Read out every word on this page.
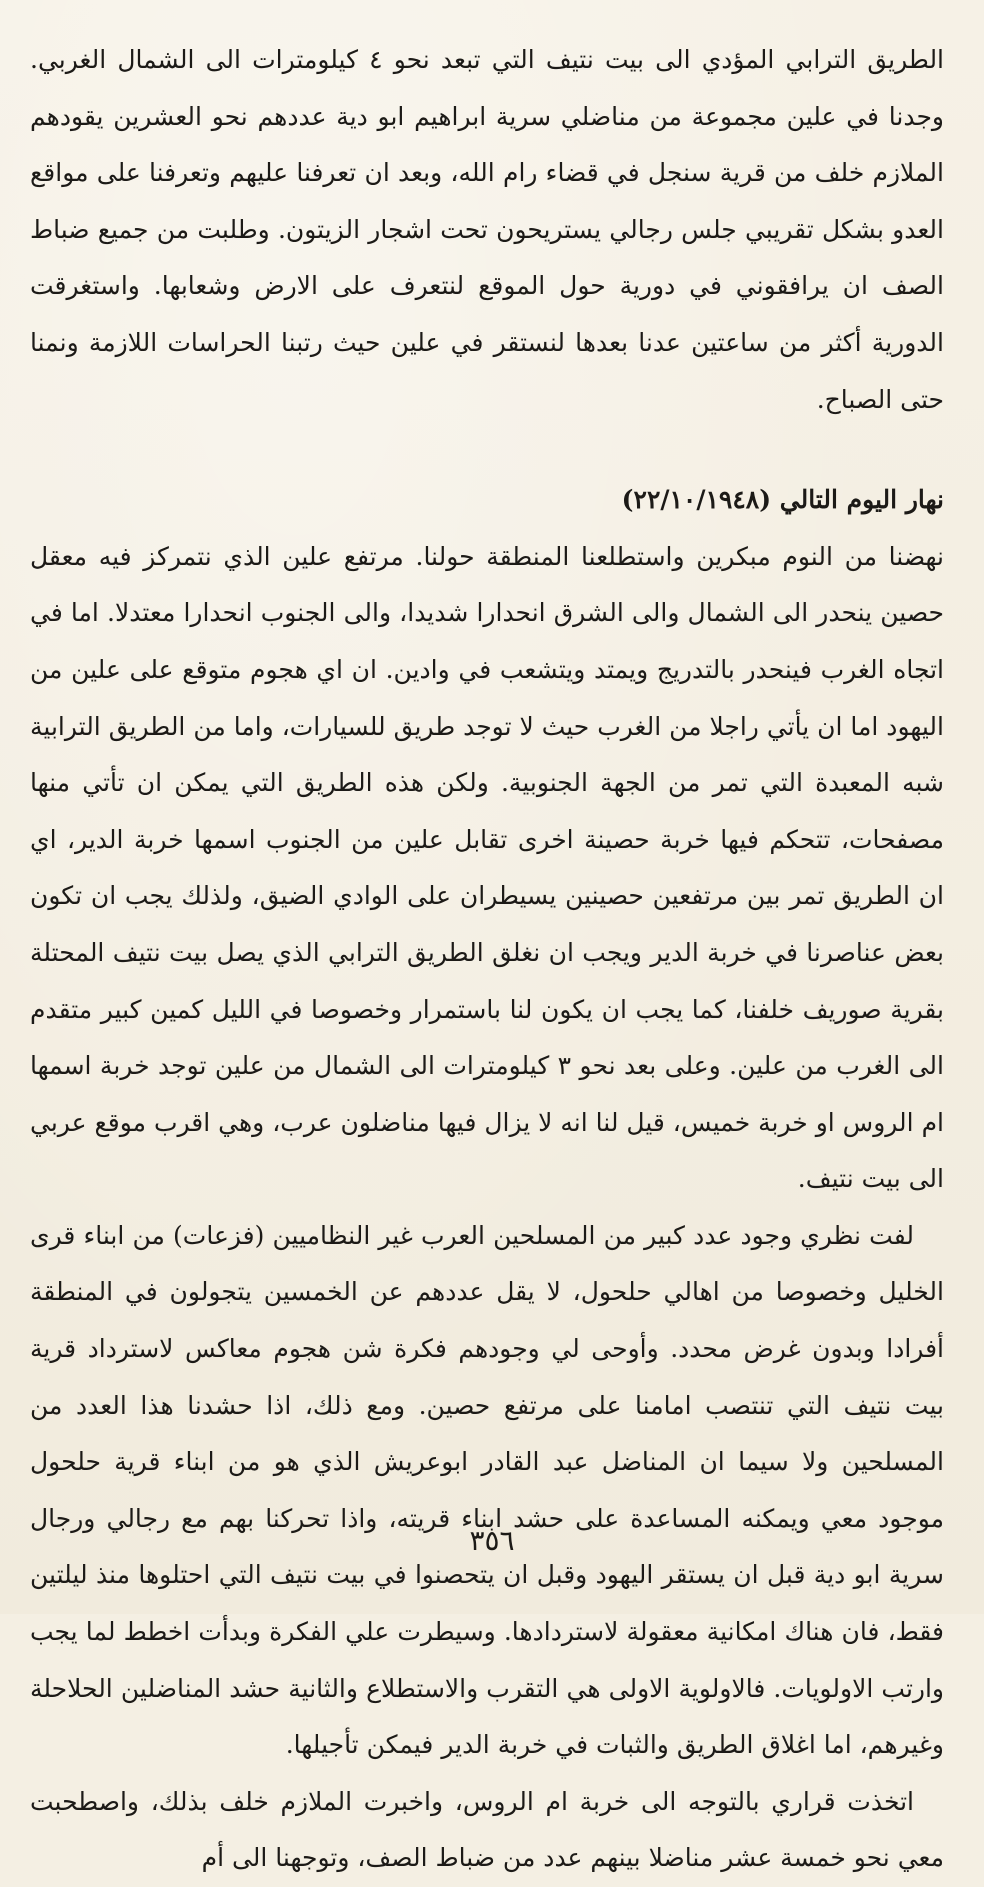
الطريق الترابي المؤدي الى بيت نتيف التي تبعد نحو ٤ كيلومترات الى الشمال الغربي. وجدنا في علين مجموعة من مناضلي سرية ابراهيم ابو دية عددهم نحو العشرين يقودهم الملازم خلف من قرية سنجل في قضاء رام الله، وبعد ان تعرفنا عليهم وتعرفنا على مواقع العدو بشكل تقريبي جلس رجالي يستريحون تحت اشجار الزيتون. وطلبت من جميع ضباط الصف ان يرافقوني في دورية حول الموقع لنتعرف على الارض وشعابها. واستغرقت الدورية أكثر من ساعتين عدنا بعدها لنستقر في علين حيث رتبنا الحراسات اللازمة ونمنا حتى الصباح.

نهار اليوم التالي (٢٢/١٠/١٩٤٨)

نهضنا من النوم مبكرين واستطلعنا المنطقة حولنا. مرتفع علين الذي نتمركز فيه معقل حصين ينحدر الى الشمال والى الشرق انحدارا شديدا، والى الجنوب انحدارا معتدلا. اما في اتجاه الغرب فينحدر بالتدريج ويمتد ويتشعب في وادين. ان اي هجوم متوقع على علين من اليهود اما ان يأتي راجلا من الغرب حيث لا توجد طريق للسيارات، واما من الطريق الترابية شبه المعبدة التي تمر من الجهة الجنوبية. ولكن هذه الطريق التي يمكن ان تأتي منها مصفحات، تتحكم فيها خربة حصينة اخرى تقابل علين من الجنوب اسمها خربة الدير، اي ان الطريق تمر بين مرتفعين حصينين يسيطران على الوادي الضيق، ولذلك يجب ان تكون بعض عناصرنا في خربة الدير ويجب ان نغلق الطريق الترابي الذي يصل بيت نتيف المحتلة بقرية صوريف خلفنا، كما يجب ان يكون لنا باستمرار وخصوصا في الليل كمين كبير متقدم الى الغرب من علين. وعلى بعد نحو ٣ كيلومترات الى الشمال من علين توجد خربة اسمها ام الروس او خربة خميس، قيل لنا انه لا يزال فيها مناضلون عرب، وهي اقرب موقع عربي الى بيت نتيف.

لفت نظري وجود عدد كبير من المسلحين العرب غير النظاميين (فزعات) من ابناء قرى الخليل وخصوصا من اهالي حلحول، لا يقل عددهم عن الخمسين يتجولون في المنطقة أفرادا وبدون غرض محدد. وأوحى لي وجودهم فكرة شن هجوم معاكس لاسترداد قرية بيت نتيف التي تنتصب امامنا على مرتفع حصين. ومع ذلك، اذا حشدنا هذا العدد من المسلحين ولا سيما ان المناضل عبد القادر ابوعريش الذي هو من ابناء قرية حلحول موجود معي ويمكنه المساعدة على حشد ابناء قريته، واذا تحركنا بهم مع رجالي ورجال سرية ابو دية قبل ان يستقر اليهود وقبل ان يتحصنوا في بيت نتيف التي احتلوها منذ ليلتين فقط، فان هناك امكانية معقولة لاستردادها. وسيطرت علي الفكرة وبدأت اخطط لما يجب وارتب الاولويات. فالاولوية الاولى هي التقرب والاستطلاع والثانية حشد المناضلين الحلاحلة وغيرهم، اما اغلاق الطريق والثبات في خربة الدير فيمكن تأجيلها.

اتخذت قراري بالتوجه الى خربة ام الروس، واخبرت الملازم خلف بذلك، واصطحبت معي نحو خمسة عشر مناضلا بينهم عدد من ضباط الصف، وتوجهنا الى أم

٣٥٦
